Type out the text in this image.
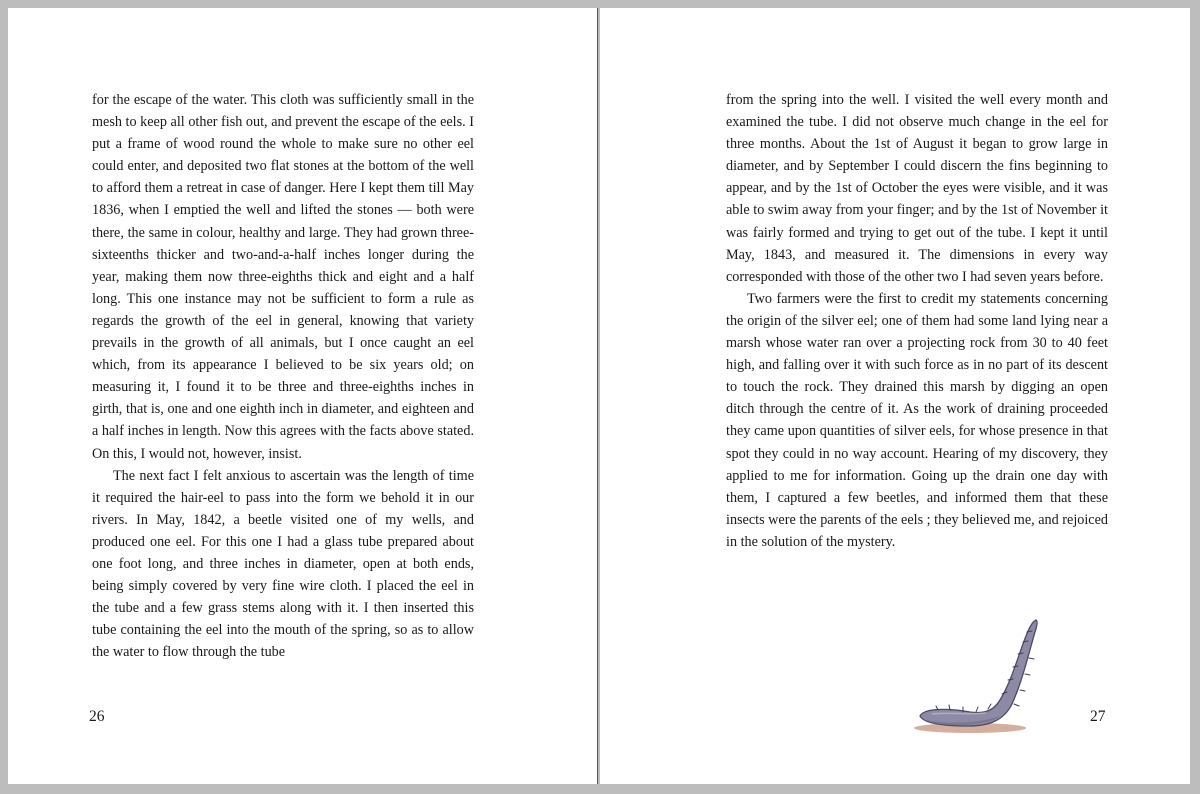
for the escape of the water. This cloth was sufficiently small in the mesh to keep all other fish out, and prevent the escape of the eels. I put a frame of wood round the whole to make sure no other eel could enter, and deposited two flat stones at the bottom of the well to afford them a retreat in case of danger. Here I kept them till May 1836, when I emptied the well and lifted the stones — both were there, the same in colour, healthy and large. They had grown three-sixteenths thicker and two-and-a-half inches longer during the year, making them now three-eighths thick and eight and a half long. This one instance may not be sufficient to form a rule as regards the growth of the eel in general, knowing that variety prevails in the growth of all animals, but I once caught an eel which, from its appearance I believed to be six years old; on measuring it, I found it to be three and three-eighths inches in girth, that is, one and one eighth inch in diameter, and eighteen and a half inches in length. Now this agrees with the facts above stated. On this, I would not, however, insist.

The next fact I felt anxious to ascertain was the length of time it required the hair-eel to pass into the form we behold it in our rivers. In May, 1842, a beetle visited one of my wells, and produced one eel. For this one I had a glass tube prepared about one foot long, and three inches in diameter, open at both ends, being simply covered by very fine wire cloth. I placed the eel in the tube and a few grass stems along with it. I then inserted this tube containing the eel into the mouth of the spring, so as to allow the water to flow through the tube

26

from the spring into the well. I visited the well every month and examined the tube. I did not observe much change in the eel for three months. About the 1st of August it began to grow large in diameter, and by September I could discern the fins beginning to appear, and by the 1st of October the eyes were visible, and it was able to swim away from your finger; and by the 1st of November it was fairly formed and trying to get out of the tube. I kept it until May, 1843, and measured it. The dimensions in every way corresponded with those of the other two I had seven years before.

Two farmers were the first to credit my statements concerning the origin of the silver eel; one of them had some land lying near a marsh whose water ran over a projecting rock from 30 to 40 feet high, and falling over it with such force as in no part of its descent to touch the rock. They drained this marsh by digging an open ditch through the centre of it. As the work of draining proceeded they came upon quantities of silver eels, for whose presence in that spot they could in no way account. Hearing of my discovery, they applied to me for information. Going up the drain one day with them, I captured a few beetles, and informed them that these insects were the parents of the eels ; they believed me, and rejoiced in the solution of the mystery.

27
